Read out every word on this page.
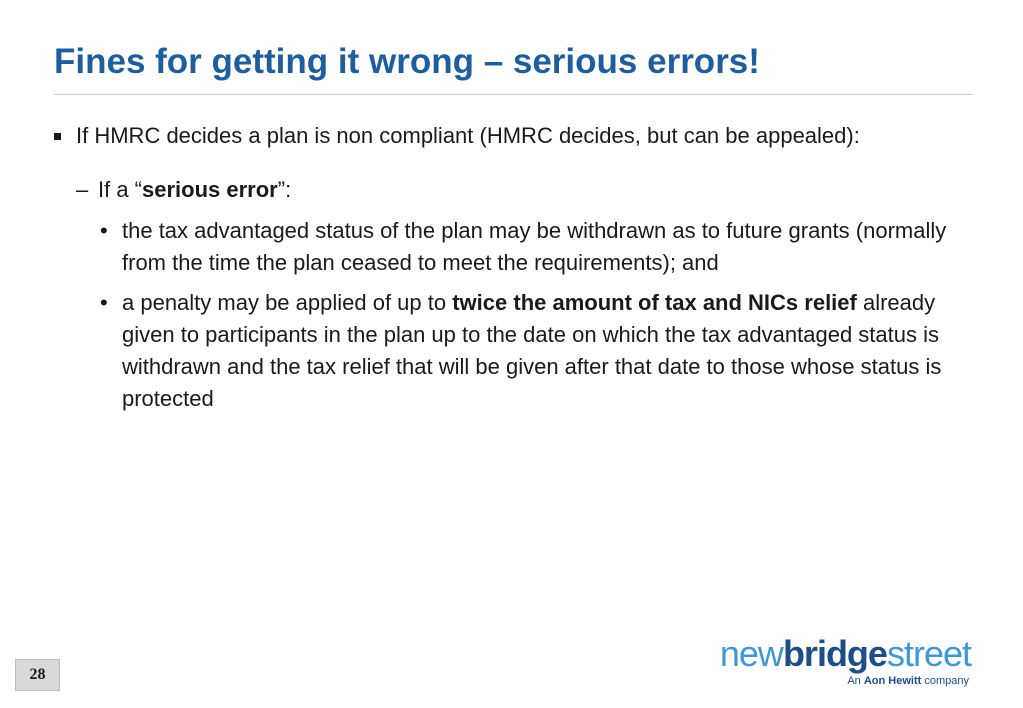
Fines for getting it wrong – serious errors!
If HMRC decides a plan is non compliant (HMRC decides, but can be appealed):
– If a “serious error”:
• the tax advantaged status of the plan may be withdrawn as to future grants (normally from the time the plan ceased to meet the requirements); and
• a penalty may be applied of up to twice the amount of tax and NICs relief already given to participants in the plan up to the date on which the tax advantaged status is withdrawn and the tax relief that will be given after that date to those whose status is protected
28
newbridgestreet
An Aon Hewitt company
